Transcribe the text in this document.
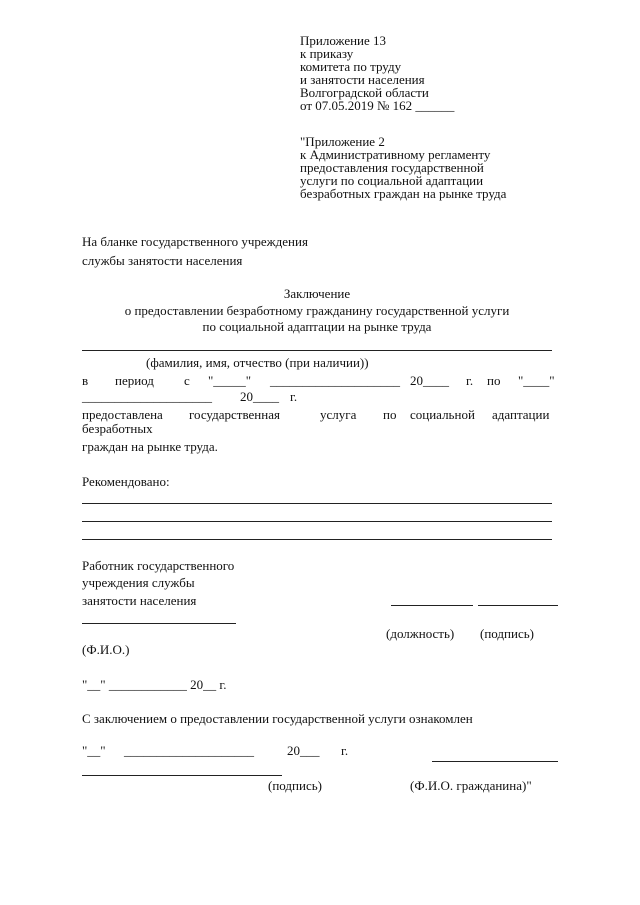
Приложение 13
к приказу
комитета по труду
и занятости населения
Волгоградской области
от 07.05.2019 № 162 ______
"Приложение 2
к Административному регламенту
предоставления государственной
услуги по социальной адаптации
безработных граждан на рынке труда
На бланке государственного учреждения
службы занятости населения
Заключение
о предоставлении безработному гражданину государственной услуги
по социальной адаптации на рынке труда
(фамилия, имя, отчество (при наличии))
в период с "_____" ____________________ 20____ г. по "____"
____________________ 20____ г.
предоставлена государственная	услуга по социальной адаптации
безработных
граждан на рынке труда.
Рекомендовано:
Работник государственного
учреждения службы
занятости населения
(должность) (подпись)
(Ф.И.О.)
"__" ____________ 20__ г.
С заключением о предоставлении государственной услуги ознакомлен
"__" ____________________	20___ г.
(подпись)	(Ф.И.О. гражданина)"
